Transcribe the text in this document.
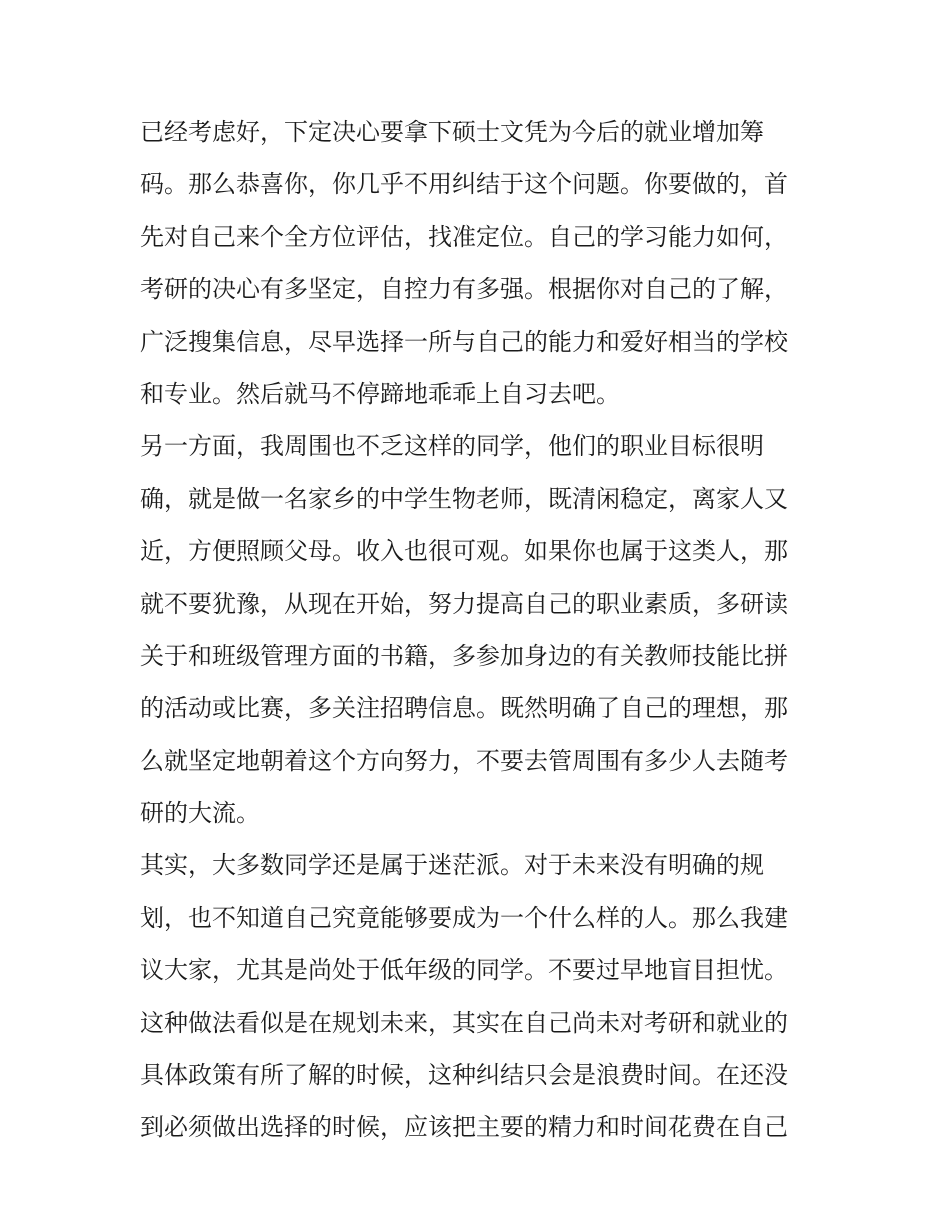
已经考虑好，下定决心要拿下硕士文凭为今后的就业增加筹
码。那么恭喜你，你几乎不用纠结于这个问题。你要做的，首
先对自己来个全方位评估，找准定位。自己的学习能力如何，
考研的决心有多坚定，自控力有多强。根据你对自己的了解，
广泛搜集信息，尽早选择一所与自己的能力和爱好相当的学校
和专业。然后就马不停蹄地乖乖上自习去吧。
另一方面，我周围也不乏这样的同学，他们的职业目标很明
确，就是做一名家乡的中学生物老师，既清闲稳定，离家人又
近，方便照顾父母。收入也很可观。如果你也属于这类人，那
就不要犹豫，从现在开始，努力提高自己的职业素质，多研读
关于和班级管理方面的书籍，多参加身边的有关教师技能比拼
的活动或比赛，多关注招聘信息。既然明确了自己的理想，那
么就坚定地朝着这个方向努力，不要去管周围有多少人去随考
研的大流。
其实，大多数同学还是属于迷茫派。对于未来没有明确的规
划，也不知道自己究竟能够要成为一个什么样的人。那么我建
议大家，尤其是尚处于低年级的同学。不要过早地盲目担忧。
这种做法看似是在规划未来，其实在自己尚未对考研和就业的
具体政策有所了解的时候，这种纠结只会是浪费时间。在还没
到必须做出选择的时候，应该把主要的精力和时间花费在自己
